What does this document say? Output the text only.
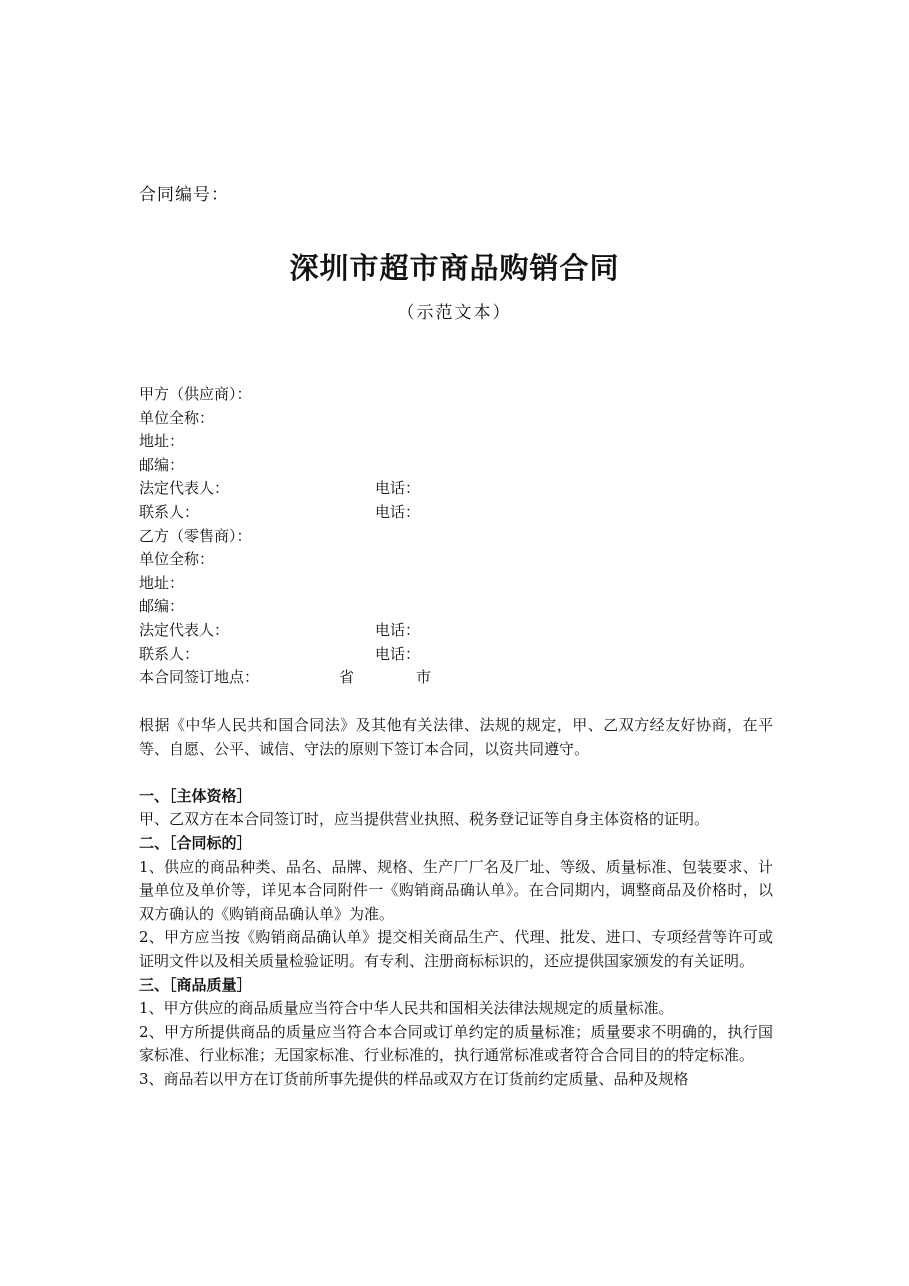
合同编号：
深圳市超市商品购销合同
（示范文本）
甲方（供应商）：
单位全称：
地址：
邮编：
法定代表人：	电话：
联系人：	电话：
乙方（零售商）：
单位全称：
地址：
邮编：
法定代表人：	电话：
联系人：	电话：
本合同签订地点：	省	市

根据《中华人民共和国合同法》及其他有关法律、法规的规定，甲、乙双方经友好协商，在平等、自愿、公平、诚信、守法的原则下签订本合同，以资共同遵守。

一、［主体资格］

甲、乙双方在本合同签订时，应当提供营业执照、税务登记证等自身主体资格的证明。

二、［合同标的］

1、供应的商品种类、品名、品牌、规格、生产厂厂名及厂址、等级、质量标准、包装要求、计量单位及单价等，详见本合同附件一《购销商品确认单》。在合同期内，调整商品及价格时，以双方确认的《购销商品确认单》为准。

2、甲方应当按《购销商品确认单》提交相关商品生产、代理、批发、进口、专项经营等许可或证明文件以及相关质量检验证明。有专利、注册商标标识的，还应提供国家颁发的有关证明。

三、［商品质量］

1、甲方供应的商品质量应当符合中华人民共和国相关法律法规规定的质量标准。

2、甲方所提供商品的质量应当符合本合同或订单约定的质量标准；质量要求不明确的，执行国家标准、行业标准；无国家标准、行业标准的，执行通常标准或者符合合同目的的特定标准。

3、商品若以甲方在订货前所事先提供的样品或双方在订货前约定质量、品种及规格
